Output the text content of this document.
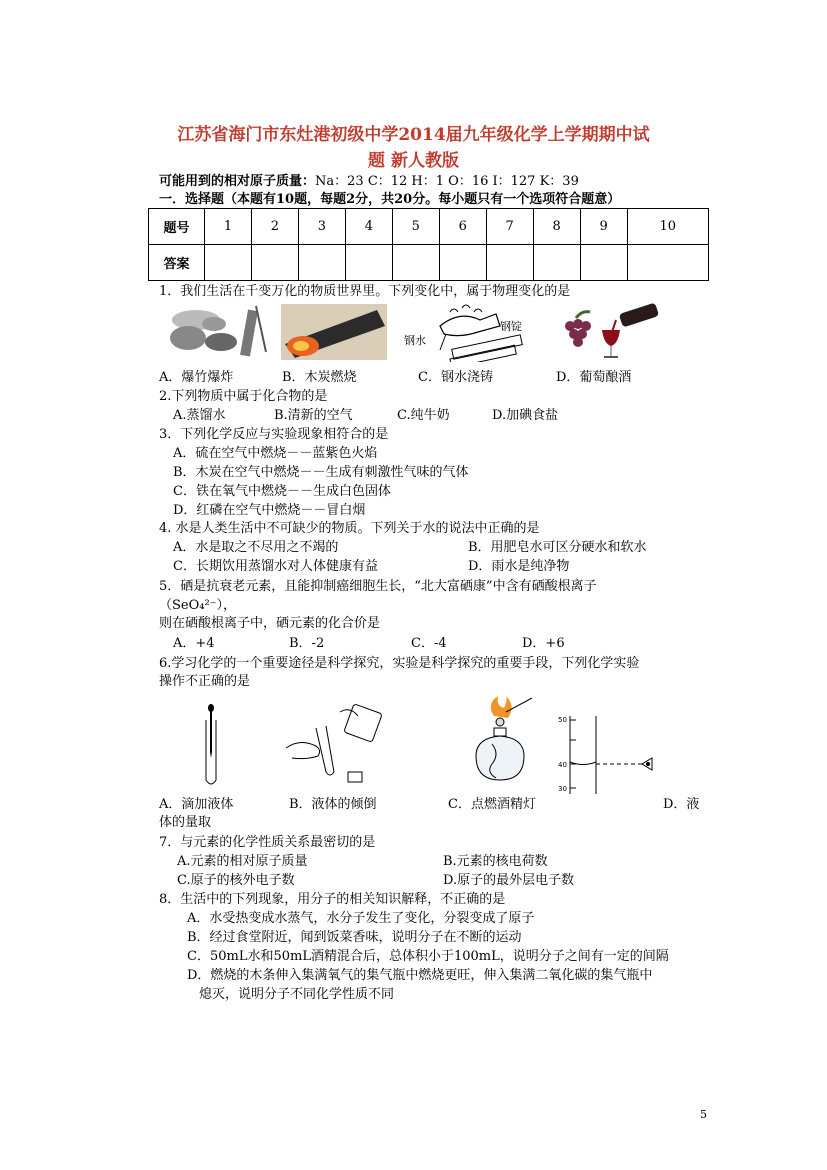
江苏省海门市东灶港初级中学2014届九年级化学上学期期中试
题 新人教版
可能用到的相对原子质量：Na：23 C：12 H：1 O：16 I：127 K：39
一．选择题（本题有10题，每题2分，共20分。每小题只有一个选项符合题意）
题号	1	2	3	4	5	6	7	8	9	10
答案										
1．我们生活在千变万化的物质世界里。下列变化中，属于物理变化的是
钢水
钢锭
A．爆竹爆炸	B．木炭燃烧	C．钢水浇铸	D．葡萄酿酒
2.下列物质中属于化合物的是
A.蒸馏水	B.清新的空气	C.纯牛奶	D.加碘食盐
3．下列化学反应与实验现象相符合的是
A．硫在空气中燃烧－－蓝紫色火焰
B．木炭在空气中燃烧－－生成有刺激性气味的气体
C．铁在氧气中燃烧－－生成白色固体
D．红磷在空气中燃烧－－冒白烟
4. 水是人类生活中不可缺少的物质。下列关于水的说法中正确的是
A．水是取之不尽用之不竭的	B．用肥皂水可区分硬水和软水
C．长期饮用蒸馏水对人体健康有益	D．雨水是纯净物
5．硒是抗衰老元素，且能抑制癌细胞生长，“北大富硒康”中含有硒酸根离子
（SeO₄²⁻），
则在硒酸根离子中，硒元素的化合价是
A．+4	B．-2	C．-4	D．+6
6.学习化学的一个重要途径是科学探究，实验是科学探究的重要手段，下列化学实验
操作不正确的是
50
40
30
A．滴加液体	B．液体的倾倒	C．点燃酒精灯	D．液
体的量取
7．与元素的化学性质关系最密切的是
A.元素的相对原子质量	B.元素的核电荷数
C.原子的核外电子数	D.原子的最外层电子数
8．生活中的下列现象，用分子的相关知识解释，不正确的是
A．水受热变成水蒸气，水分子发生了变化，分裂变成了原子
B．经过食堂附近，闻到饭菜香味，说明分子在不断的运动
C．50mL水和50mL酒精混合后，总体积小于100mL，说明分子之间有一定的间隔
D．燃烧的木条伸入集满氧气的集气瓶中燃烧更旺，伸入集满二氧化碳的集气瓶中
熄灭，说明分子不同化学性质不同
5
